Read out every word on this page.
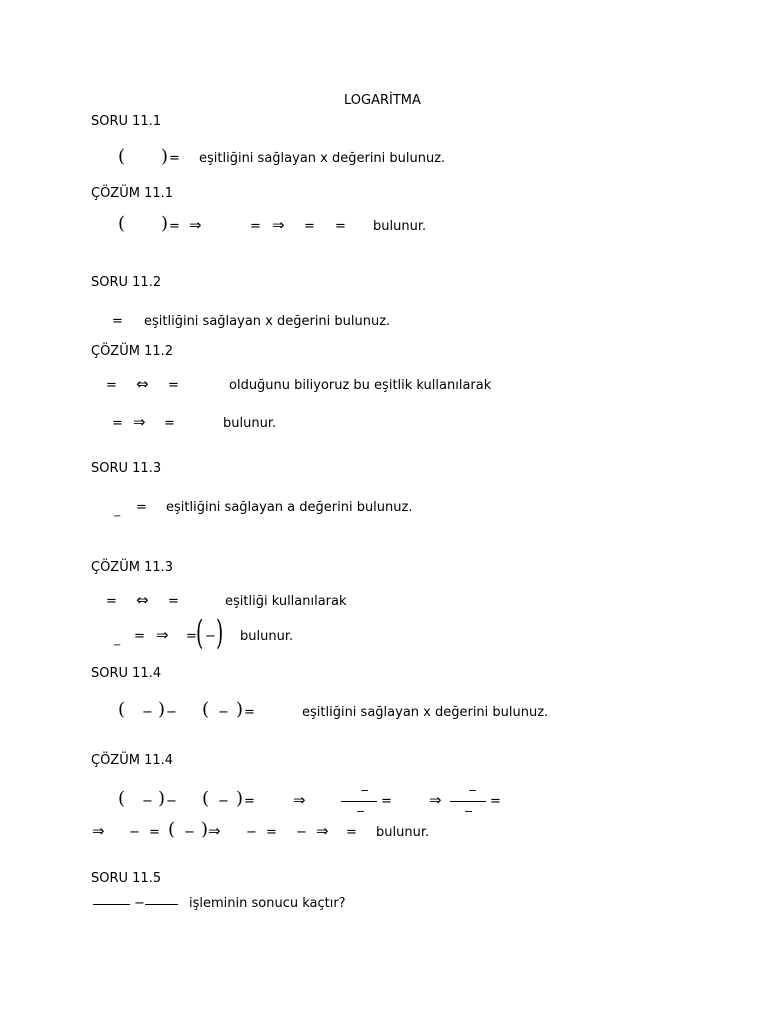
LOGARİTMA
SORU 11.1
( ) = eşitliğini sağlayan x değerini bulunuz.
ÇÖZÜM 11.1
( ) = ⇒	= ⇒ = = bulunur.
SORU 11.2
= eşitliğini sağlayan x değerini bulunuz.
ÇÖZÜM 11.2
= ⇔ =	olduğunu biliyoruz bu eşitlik kullanılarak
= ⇒ =	bulunur.
SORU 11.3
=
−
eşitliğini sağlayan a değerini bulunuz.
ÇÖZÜM 11.3
= ⇔ =	eşitliği kullanılarak
−
= ⇒ = ( − ) bulunur.
SORU 11.4
( − ) − ( − ) =	eşitliğini sağlayan x değerini bulunuz.
ÇÖZÜM 11.4
( − ) − ( − ) =	⇒
−
−
= ⇒
−
−
=
⇒ − = ( − ) ⇒ − = − ⇒ = bulunur.
SORU 11.5
−	işleminin sonucu kaçtır?
